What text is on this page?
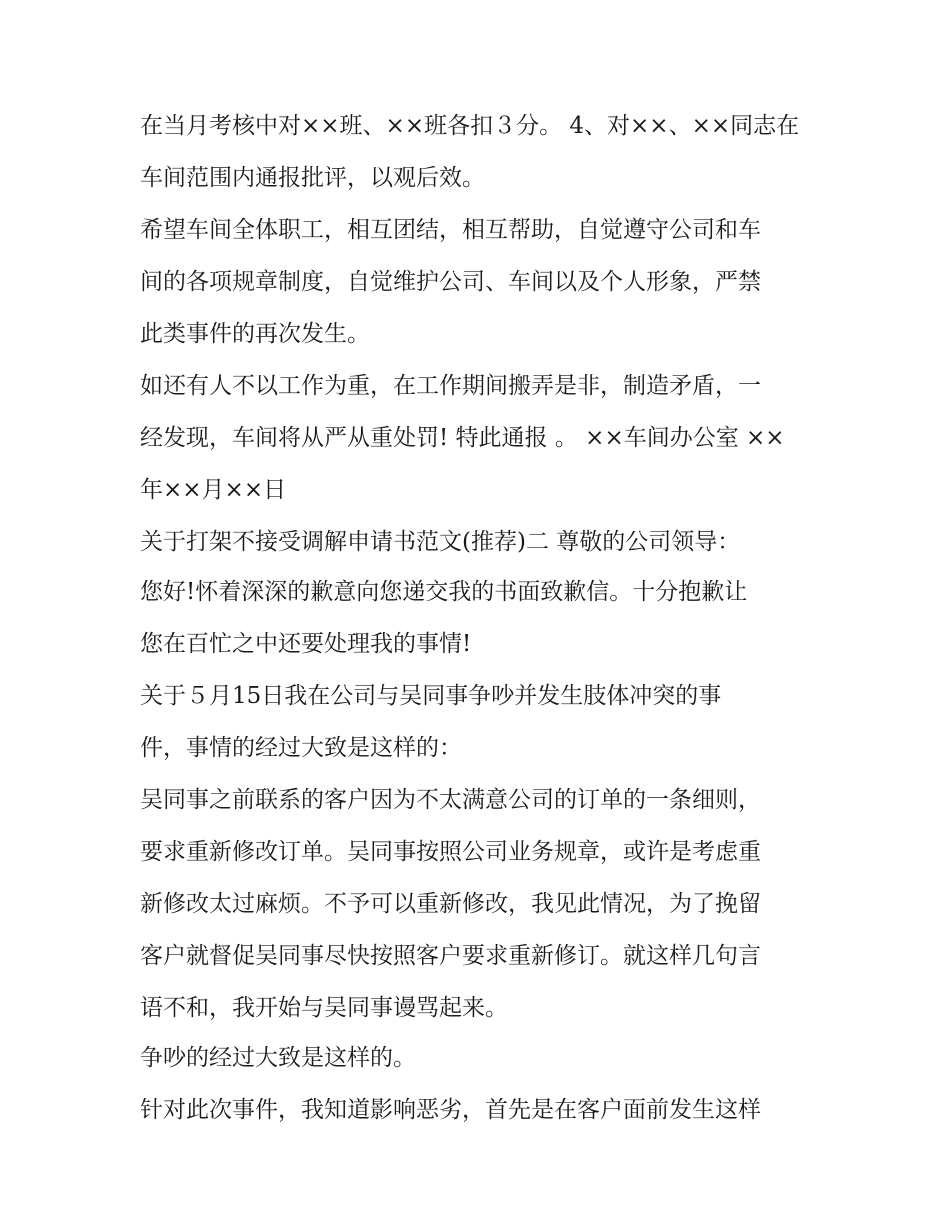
在当月考核中对××班、××班各扣３分。 4、对××、××同志在
车间范围内通报批评，以观后效。
希望车间全体职工，相互团结，相互帮助，自觉遵守公司和车
间的各项规章制度，自觉维护公司、车间以及个人形象，严禁
此类事件的再次发生。
如还有人不以工作为重，在工作期间搬弄是非，制造矛盾，一
经发现，车间将从严从重处罚! 特此通报 。 ××车间办公室 ××
年××月××日
关于打架不接受调解申请书范文(推荐)二 尊敬的公司领导：
您好!怀着深深的歉意向您递交我的书面致歉信。十分抱歉让
您在百忙之中还要处理我的事情!
关于５月15日我在公司与吴同事争吵并发生肢体冲突的事
件，事情的经过大致是这样的：
吴同事之前联系的客户因为不太满意公司的订单的一条细则，
要求重新修改订单。吴同事按照公司业务规章，或许是考虑重
新修改太过麻烦。不予可以重新修改，我见此情况，为了挽留
客户就督促吴同事尽快按照客户要求重新修订。就这样几句言
语不和，我开始与吴同事谩骂起来。
争吵的经过大致是这样的。
针对此次事件，我知道影响恶劣，首先是在客户面前发生这样
